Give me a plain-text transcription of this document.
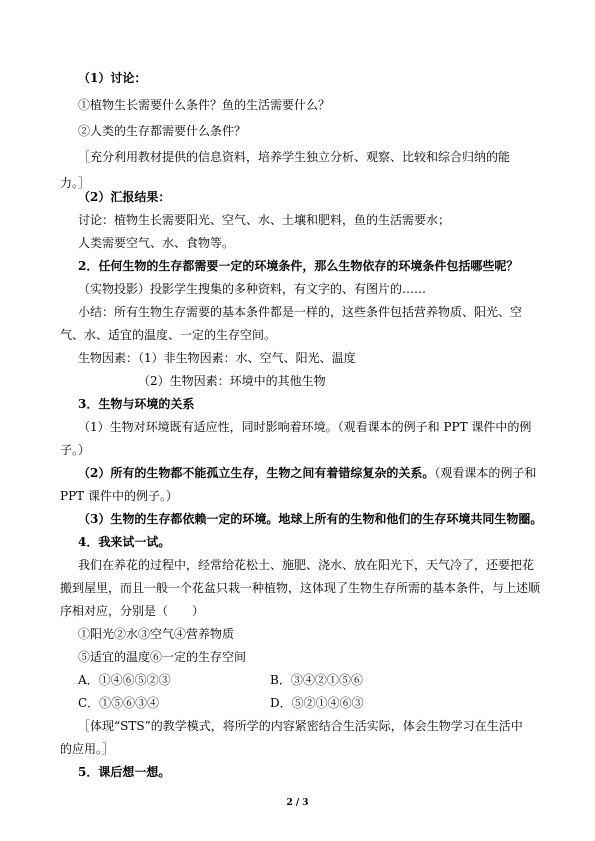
（1）讨论：
①植物生长需要什么条件？鱼的生活需要什么？
②人类的生存都需要什么条件？
［充分利用教材提供的信息资料，培养学生独立分析、观察、比较和综合归纳的能
力。］
（2）汇报结果：
讨论：植物生长需要阳光、空气、水、土壤和肥料，鱼的生活需要水；
人类需要空气、水、食物等。
2．任何生物的生存都需要一定的环境条件，那么生物依存的环境条件包括哪些呢？
（实物投影）投影学生搜集的多种资料，有文字的、有图片的……
小结：所有生物生存需要的基本条件都是一样的，这些条件包括营养物质、阳光、空
气、水、适宜的温度、一定的生存空间。
生物因素：（1）非生物因素：水、空气、阳光、温度
（2）生物因素：环境中的其他生物
3．生物与环境的关系
（1）生物对环境既有适应性，同时影响着环境。（观看课本的例子和 PPT 课件中的例
子。）
（2）所有的生物都不能孤立生存，生物之间有着错综复杂的关系。（观看课本的例子和
PPT 课件中的例子。）
（3）生物的生存都依赖一定的环境。地球上所有的生物和他们的生存环境共同生物圈。
4．我来试一试。
我们在养花的过程中，经常给花松土、施肥、浇水、放在阳光下，天气冷了，还要把花
搬到屋里，而且一般一个花盆只栽一种植物，这体现了生物生存所需的基本条件，与上述顺
序相对应，分别是（　　）
①阳光②水③空气④营养物质
⑤适宜的温度⑥一定的生存空间
A．①④⑥⑤②③	B．③④②①⑤⑥
C．①⑤⑥③④	D．⑤②①④⑥③
［体现“STS”的教学模式，将所学的内容紧密结合生活实际，体会生物学习在生活中
的应用。］
5．课后想一想。
2 / 3
